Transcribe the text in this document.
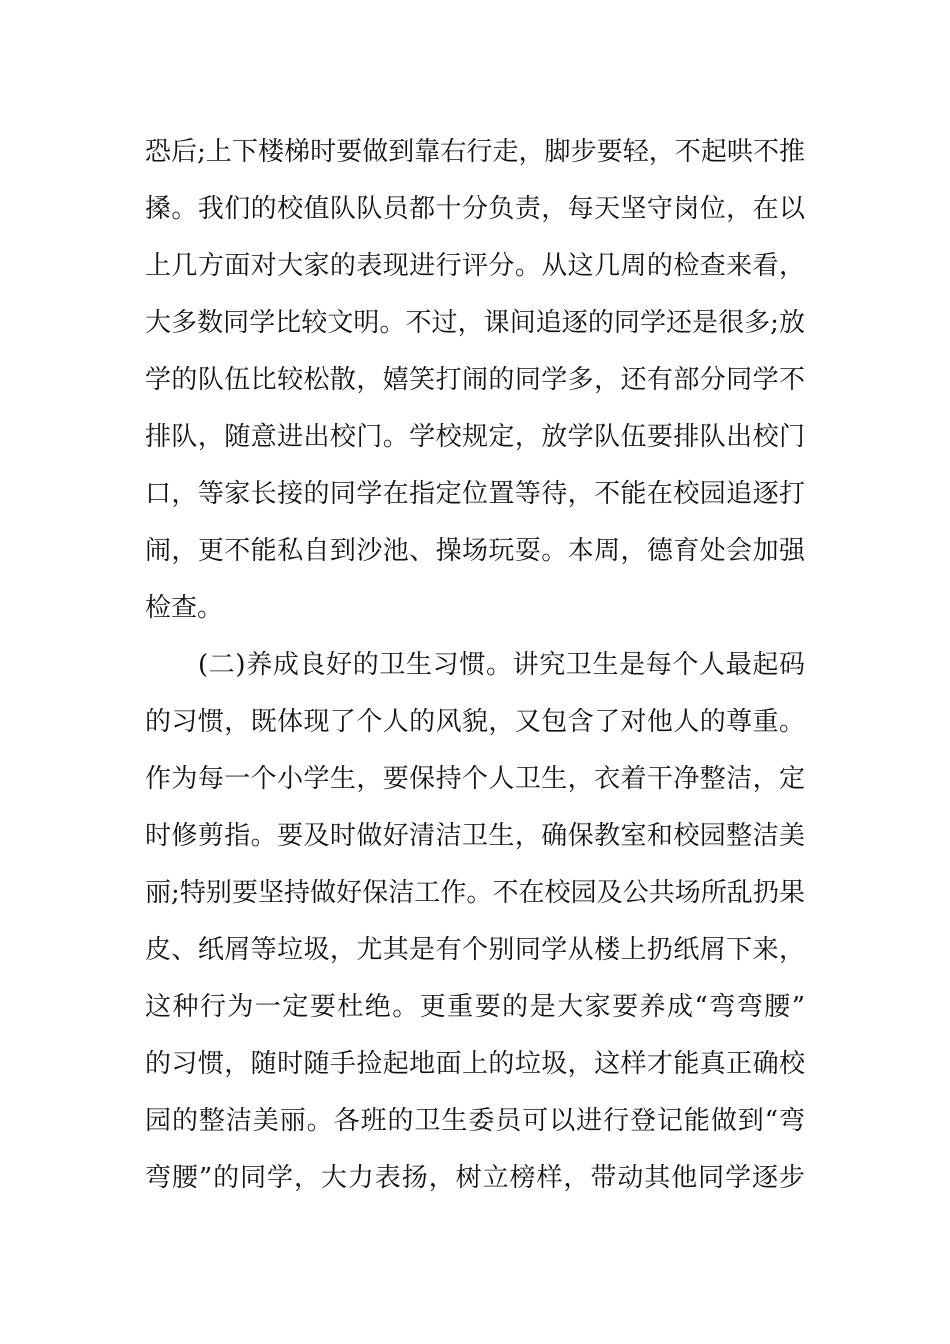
恐后;上下楼梯时要做到靠右行走，脚步要轻，不起哄不推
搡。我们的校值队队员都十分负责，每天坚守岗位，在以
上几方面对大家的表现进行评分。从这几周的检查来看，
大多数同学比较文明。不过，课间追逐的同学还是很多;放
学的队伍比较松散，嬉笑打闹的同学多，还有部分同学不
排队，随意进出校门。学校规定，放学队伍要排队出校门
口，等家长接的同学在指定位置等待，不能在校园追逐打
闹，更不能私自到沙池、操场玩耍。本周，德育处会加强
检查。
(二)养成良好的卫生习惯。讲究卫生是每个人最起码
的习惯，既体现了个人的风貌，又包含了对他人的尊重。
作为每一个小学生，要保持个人卫生，衣着干净整洁，定
时修剪指。要及时做好清洁卫生，确保教室和校园整洁美
丽;特别要坚持做好保洁工作。不在校园及公共场所乱扔果
皮、纸屑等垃圾，尤其是有个别同学从楼上扔纸屑下来，
这种行为一定要杜绝。更重要的是大家要养成“弯弯腰”
的习惯，随时随手捡起地面上的垃圾，这样才能真正确校
园的整洁美丽。各班的卫生委员可以进行登记能做到“弯
弯腰”的同学，大力表扬，树立榜样，带动其他同学逐步
